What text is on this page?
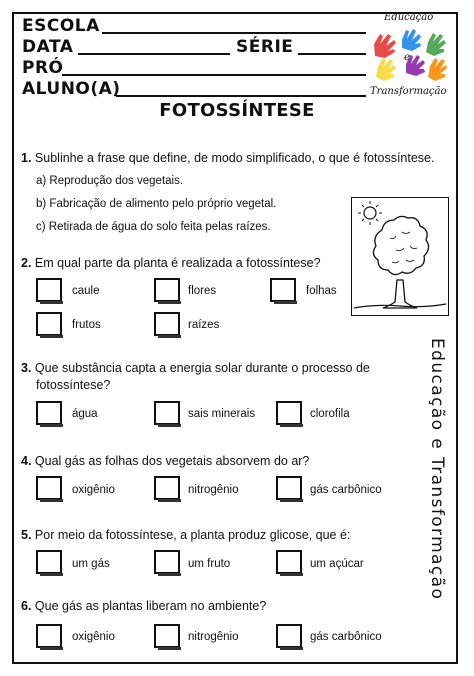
ESCOLA
DATA	SÉRIE
PRÓ
ALUNO(A)
Educação
e
Transformação
FOTOSSÍNTESE
Educação e Transformação
1. Sublinhe a frase que define, de modo simplificado, o que é fotossíntese.
a) Reprodução dos vegetais.
b) Fabricação de alimento pelo próprio vegetal.
c) Retirada de água do solo feita pelas raízes.
2. Em qual parte da planta é realizada a fotossíntese?
caule	flores	folhas
frutos	raízes
3. Que substância capta a energia solar durante o processo de
fotossíntese?
água	sais minerais	clorofila
4. Qual gás as folhas dos vegetais absorvem do ar?
oxigênio	nitrogênio	gás carbônico
5. Por meio da fotossíntese, a planta produz glicose, que é:
um gás	um fruto	um açúcar
6. Que gás as plantas liberam no ambiente?
oxigênio	nitrogênio	gás carbônico
